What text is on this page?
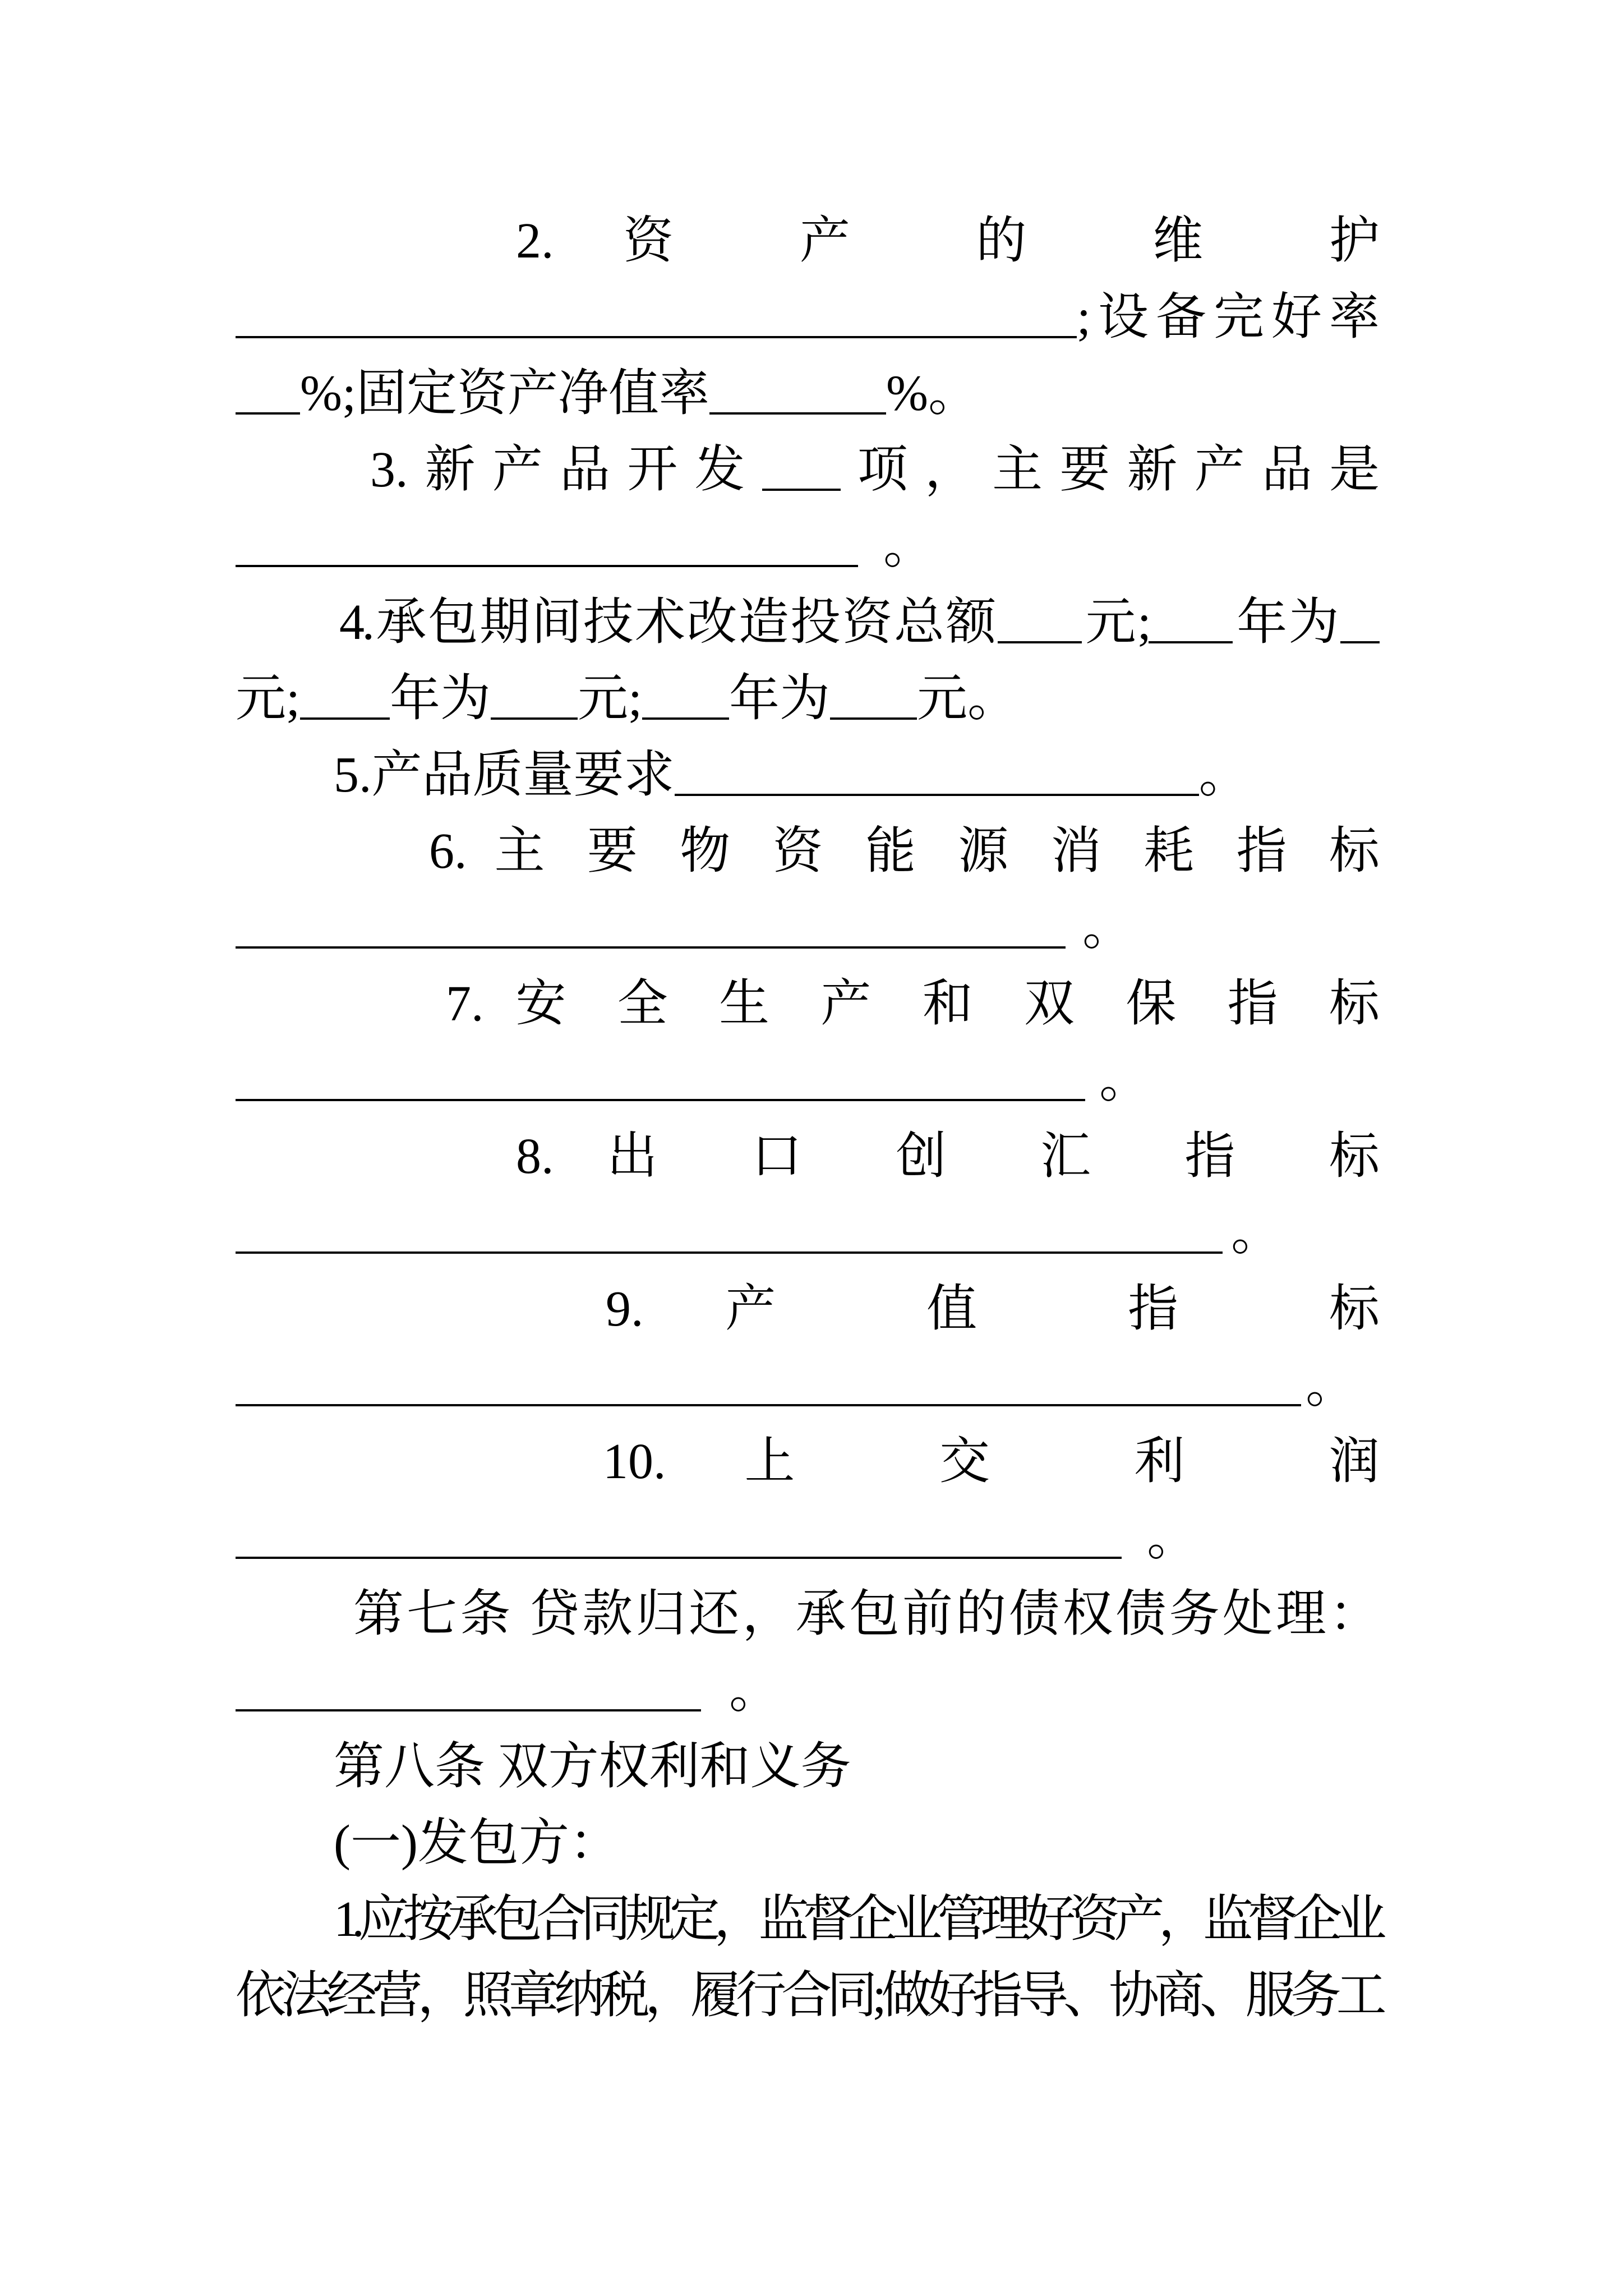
2. 资 产 的 维 护
;设备完好率
%;固定资产净值率	%。
3.新产品开发 项，主要新产品是
。
4.承包期间技术改造投资总额 元; 年为
元; 年为 元; 年为 元。
5.产品质量要求	。
6. 主 要 物 资 能 源 消 耗 指 标
。
7. 安 全 生 产 和 双 保 指 标
。
8. 出 口 创 汇 指 标
。
9. 产 值 指 标
。
10. 上 交 利 润
。
第七条 贷款归还，承包前的债权债务处理：
。
第八条 双方权利和义务
(一)发包方：
1.应按承包合同规定，监督企业管理好资产，监督企业
依法经营，照章纳税，履行合同;做好指导、协商、服务工
